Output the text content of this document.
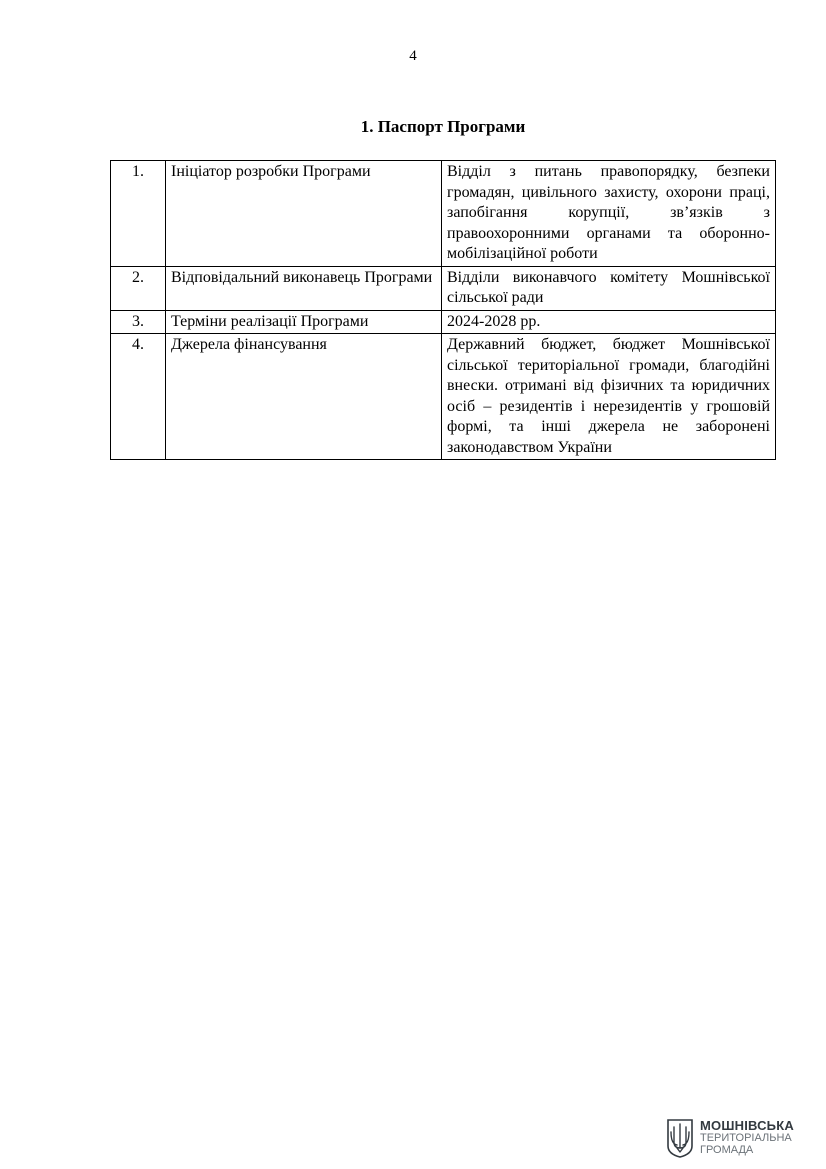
4
1. Паспорт Програми
1.	Ініціатор розробки Програми	Відділ з питань правопорядку, безпеки громадян, цивільного захисту, охорони праці, запобігання корупції, зв’язків з правоохоронними органами та оборонно-мобілізаційної роботи
2.	Відповідальний виконавець Програми	Відділи виконавчого комітету Мошнівської сільської ради
3.	Терміни реалізації Програми	2024-2028 рр.
4.	Джерела фінансування	Державний бюджет, бюджет Мошнівської сільської територіальної громади, благодійні внески. отримані від фізичних та юридичних осіб – резидентів і нерезидентів у грошовій формі, та інші джерела не заборонені законодавством України
МОШНІВСЬКА
ТЕРИТОРІАЛЬНА
ГРОМАДА
